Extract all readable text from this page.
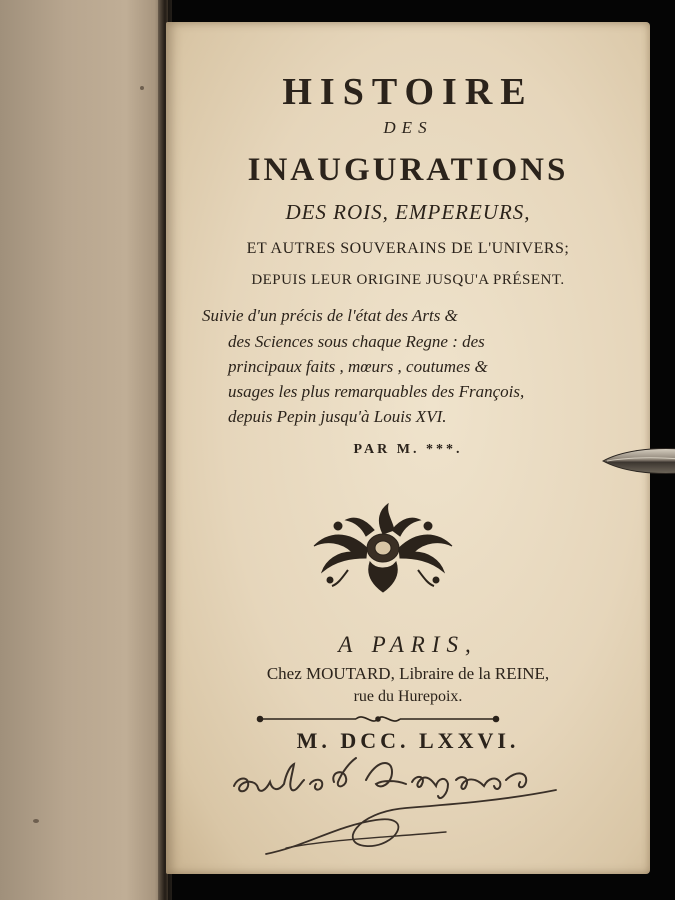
HISTOIRE
DES
INAUGURATIONS
DES ROIS, EMPEREURS,
ET AUTRES SOUVERAINS DE L'UNIVERS;
DEPUIS LEUR ORIGINE JUSQU'A PRÉSENT.
Suivie d'un précis de l'état des Arts &
des Sciences sous chaque Regne : des
principaux faits , mœurs , coutumes &
usages les plus remarquables des François,
depuis Pepin jusqu'à Louis XVI.
PAR M. ***.
A PARIS,
Chez MOUTARD, Libraire de la REINE,
rue du Hurepoix.
M. DCC. LXXVI.
